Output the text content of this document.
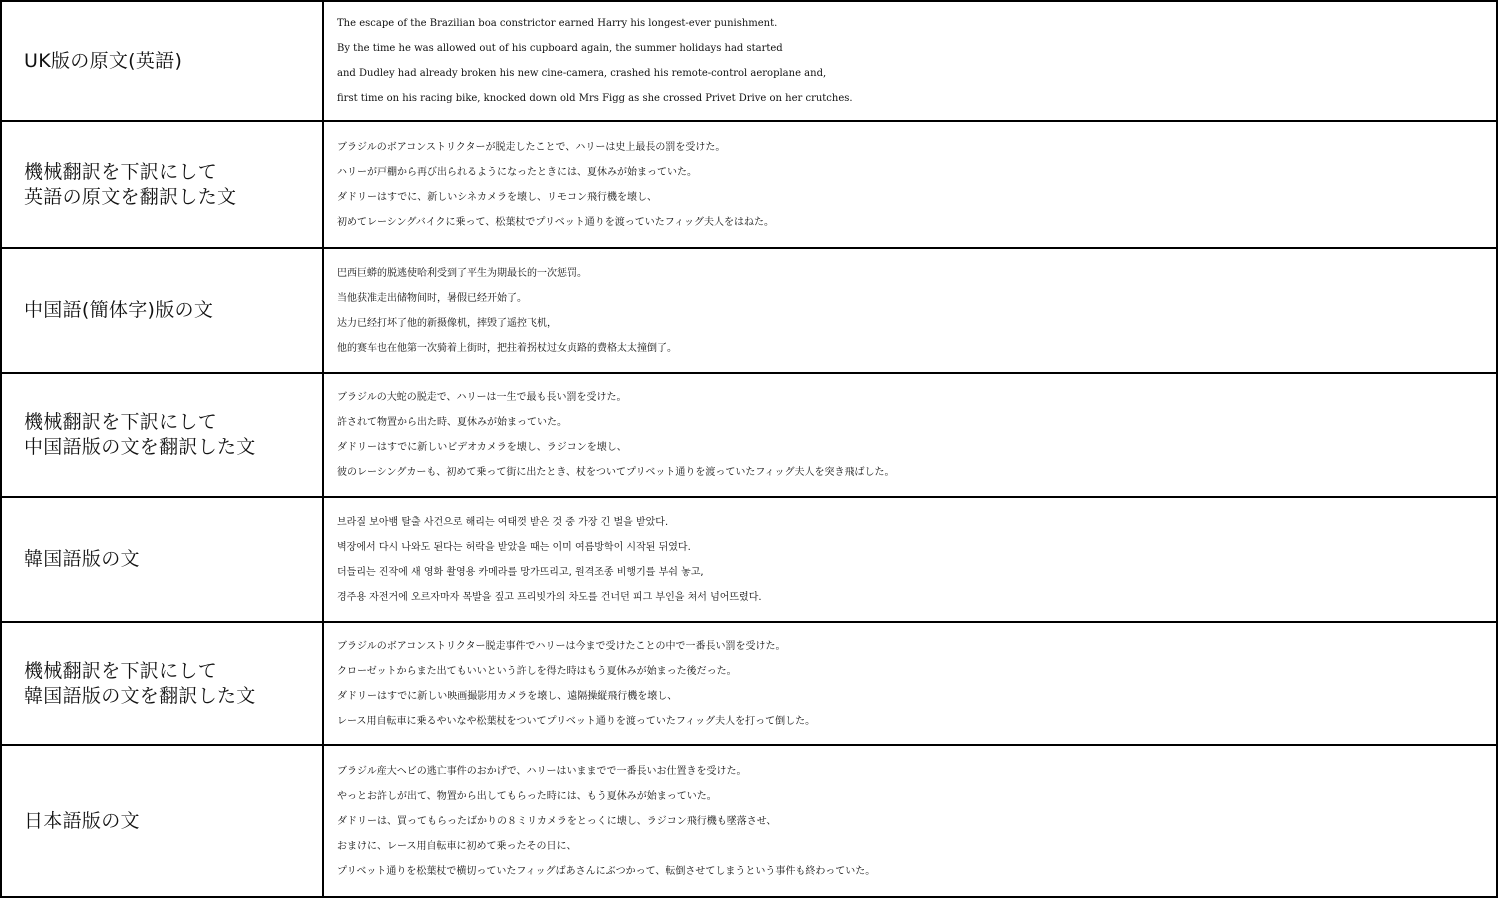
UK版の原文(英語)	The escape of the Brazilian boa constrictor earned Harry his longest-ever punishment.
By the time he was allowed out of his cupboard again, the summer holidays had started
and Dudley had already broken his new cine-camera, crashed his remote-control aeroplane and,
first time on his racing bike, knocked down old Mrs Figg as she crossed Privet Drive on her crutches.

機械翻訳を下訳にして
英語の原文を翻訳した文	ブラジルのボアコンストリクターが脱走したことで、ハリーは史上最長の罰を受けた。
ハリーが戸棚から再び出られるようになったときには、夏休みが始まっていた。
ダドリーはすでに、新しいシネカメラを壊し、リモコン飛行機を壊し、
初めてレーシングバイクに乗って、松葉杖でプリベット通りを渡っていたフィッグ夫人をはねた。

中国語(簡体字)版の文	巴西巨蟒的脱逃使哈利受到了平生为期最长的一次惩罚。
当他获准走出储物间时，暑假已经开始了。
达力已经打坏了他的新摄像机，摔毁了遥控飞机，
他的赛车也在他第一次骑着上街时，把拄着拐杖过女贞路的费格太太撞倒了。

機械翻訳を下訳にして
中国語版の文を翻訳した文	ブラジルの大蛇の脱走で、ハリーは一生で最も長い罰を受けた。
許されて物置から出た時、夏休みが始まっていた。
ダドリーはすでに新しいビデオカメラを壊し、ラジコンを壊し、
彼のレーシングカーも、初めて乗って街に出たとき、杖をついてプリベット通りを渡っていたフィッグ夫人を突き飛ばした。

韓国語版の文	브라질 보아뱀 탈출 사건으로 해리는 여태껏 받은 것 중 가장 긴 벌을 받았다.
벽장에서 다시 나와도 된다는 허락을 받았을 때는 이미 여름방학이 시작된 뒤였다.
더들리는 진작에 새 영화 촬영용 카메라를 망가뜨리고, 원격조종 비행기를 부숴 놓고,
경주용 자전거에 오르자마자 목발을 짚고 프리빗가의 차도를 건너던 피그 부인을 쳐서 넘어뜨렸다.

機械翻訳を下訳にして
韓国語版の文を翻訳した文	ブラジルのボアコンストリクター脱走事件でハリーは今まで受けたことの中で一番長い罰を受けた。
クローゼットからまた出てもいいという許しを得た時はもう夏休みが始まった後だった。
ダドリーはすでに新しい映画撮影用カメラを壊し、遠隔操縦飛行機を壊し、
レース用自転車に乗るやいなや松葉杖をついてプリベット通りを渡っていたフィッグ夫人を打って倒した。

日本語版の文	ブラジル産大ヘビの逃亡事件のおかげで、ハリーはいままでで一番長いお仕置きを受けた。
やっとお許しが出て、物置から出してもらった時には、もう夏休みが始まっていた。
ダドリーは、買ってもらったばかりの８ミリカメラをとっくに壊し、ラジコン飛行機も墜落させ、
おまけに、レース用自転車に初めて乗ったその日に、
プリベット通りを松葉杖で横切っていたフィッグばあさんにぶつかって、転倒させてしまうという事件も終わっていた。
